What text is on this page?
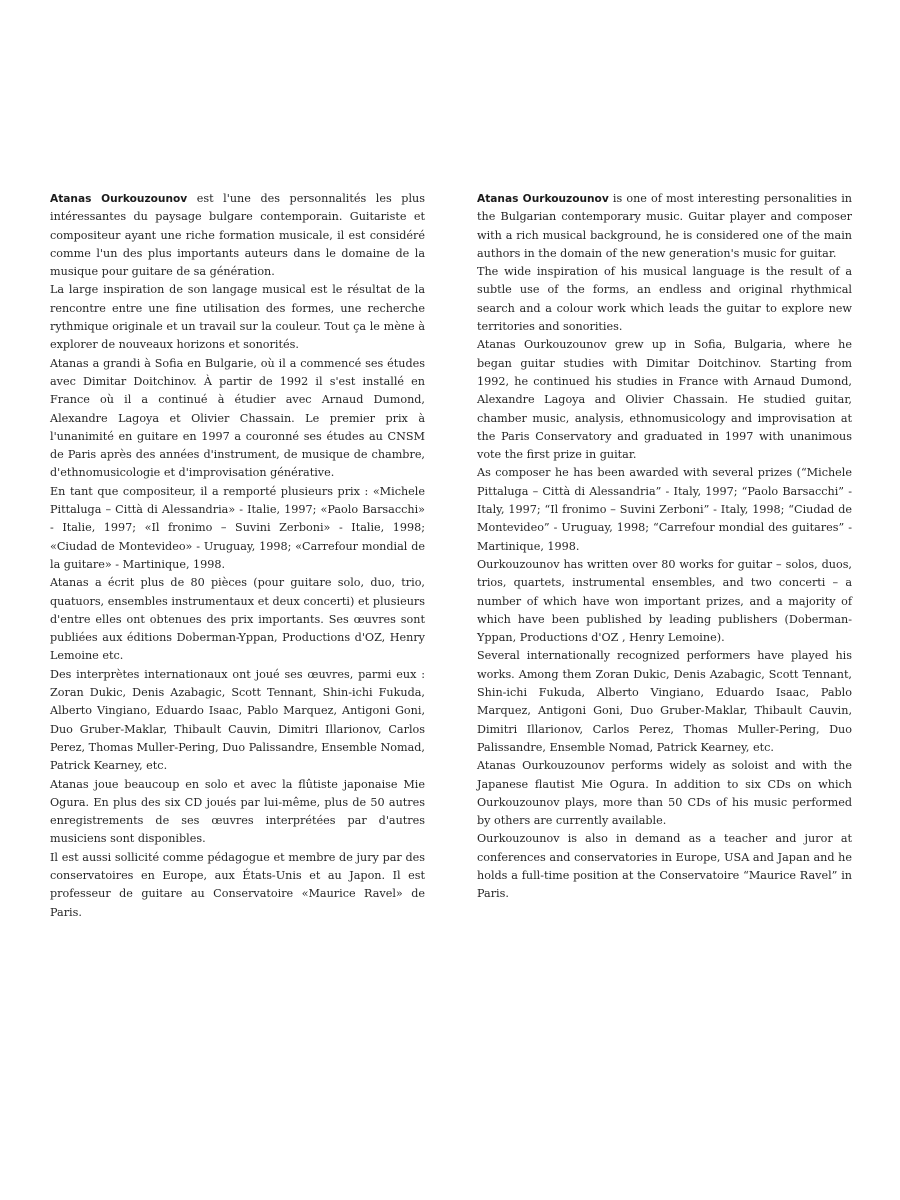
Atanas Ourkouzounov est l'une des personnalités les plus intéressantes du paysage bulgare contemporain. Guitariste et compositeur ayant une riche formation musicale, il est considéré comme l'un des plus importants auteurs dans le domaine de la musique pour guitare de sa génération.

La large inspiration de son langage musical est le résultat de la rencontre entre une fine utilisation des formes, une recherche rythmique originale et un travail sur la couleur. Tout ça le mène à explorer de nouveaux horizons et sonorités.

Atanas a grandi à Sofia en Bulgarie, où il a commencé ses études avec Dimitar Doitchinov. À partir de 1992 il s'est installé en France où il a continué à étudier avec Arnaud Dumond, Alexandre Lagoya et Olivier Chassain. Le premier prix à l'unanimité en guitare en 1997 a couronné ses études au CNSM de Paris après des années d'instrument, de musique de chambre, d'ethnomusicologie et d'improvisation générative.

En tant que compositeur, il a remporté plusieurs prix : «Michele Pittaluga – Città di Alessandria» - Italie, 1997; «Paolo Barsacchi» - Italie, 1997; «Il fronimo – Suvini Zerboni» - Italie, 1998; «Ciudad de Montevideo» - Uruguay, 1998; «Carrefour mondial de la guitare» - Martinique, 1998.

Atanas a écrit plus de 80 pièces (pour guitare solo, duo, trio, quatuors, ensembles instrumentaux et deux concerti) et plusieurs d'entre elles ont obtenues des prix importants. Ses œuvres sont publiées aux éditions Doberman-Yppan, Productions d'OZ, Henry Lemoine etc.

Des interprètes internationaux ont joué ses œuvres, parmi eux : Zoran Dukic, Denis Azabagic, Scott Tennant, Shin-ichi Fukuda, Alberto Vingiano, Eduardo Isaac, Pablo Marquez, Antigoni Goni, Duo Gruber-Maklar, Thibault Cauvin, Dimitri Illarionov, Carlos Perez, Thomas Muller-Pering, Duo Palissandre, Ensemble Nomad, Patrick Kearney, etc.

Atanas joue beaucoup en solo et avec la flûtiste japonaise Mie Ogura. En plus des six CD joués par lui-même, plus de 50 autres enregistrements de ses œuvres interprétées par d'autres musiciens sont disponibles.

Il est aussi sollicité comme pédagogue et membre de jury par des conservatoires en Europe, aux États-Unis et au Japon. Il est professeur de guitare au Conservatoire «Maurice Ravel» de Paris.

Atanas Ourkouzounov is one of most interesting personalities in the Bulgarian contemporary music. Guitar player and composer with a rich musical background, he is considered one of the main authors in the domain of the new generation's music for guitar.

The wide inspiration of his musical language is the result of a subtle use of the forms, an endless and original rhythmical search and a colour work which leads the guitar to explore new territories and sonorities.

Atanas Ourkouzounov grew up in Sofia, Bulgaria, where he began guitar studies with Dimitar Doitchinov. Starting from 1992, he continued his studies in France with Arnaud Dumond, Alexandre Lagoya and Olivier Chassain. He studied guitar, chamber music, analysis, ethnomusicology and improvisation at the Paris Conservatory and graduated in 1997 with unanimous vote the first prize in guitar.

As composer he has been awarded with several prizes (“Michele Pittaluga – Città di Alessandria” - Italy, 1997; “Paolo Barsacchi” - Italy, 1997; “Il fronimo – Suvini Zerboni” - Italy, 1998; “Ciudad de Montevideo” - Uruguay, 1998; “Carrefour mondial des guitares” - Martinique, 1998.

Ourkouzounov has written over 80 works for guitar – solos, duos, trios, quartets, instrumental ensembles, and two concerti – a number of which have won important prizes, and a majority of which have been published by leading publishers (Doberman-Yppan, Productions d'OZ , Henry Lemoine).

Several internationally recognized performers have played his works. Among them Zoran Dukic, Denis Azabagic, Scott Tennant, Shin-ichi Fukuda, Alberto Vingiano, Eduardo Isaac, Pablo Marquez, Antigoni Goni, Duo Gruber-Maklar, Thibault Cauvin, Dimitri Illarionov, Carlos Perez, Thomas Muller-Pering, Duo Palissandre, Ensemble Nomad, Patrick Kearney, etc.

Atanas Ourkouzounov performs widely as soloist and with the Japanese flautist Mie Ogura. In addition to six CDs on which Ourkouzounov plays, more than 50 CDs of his music performed by others are currently available.

Ourkouzounov is also in demand as a teacher and juror at conferences and conservatories in Europe, USA and Japan and he holds a full-time position at the Conservatoire “Maurice Ravel” in Paris.
